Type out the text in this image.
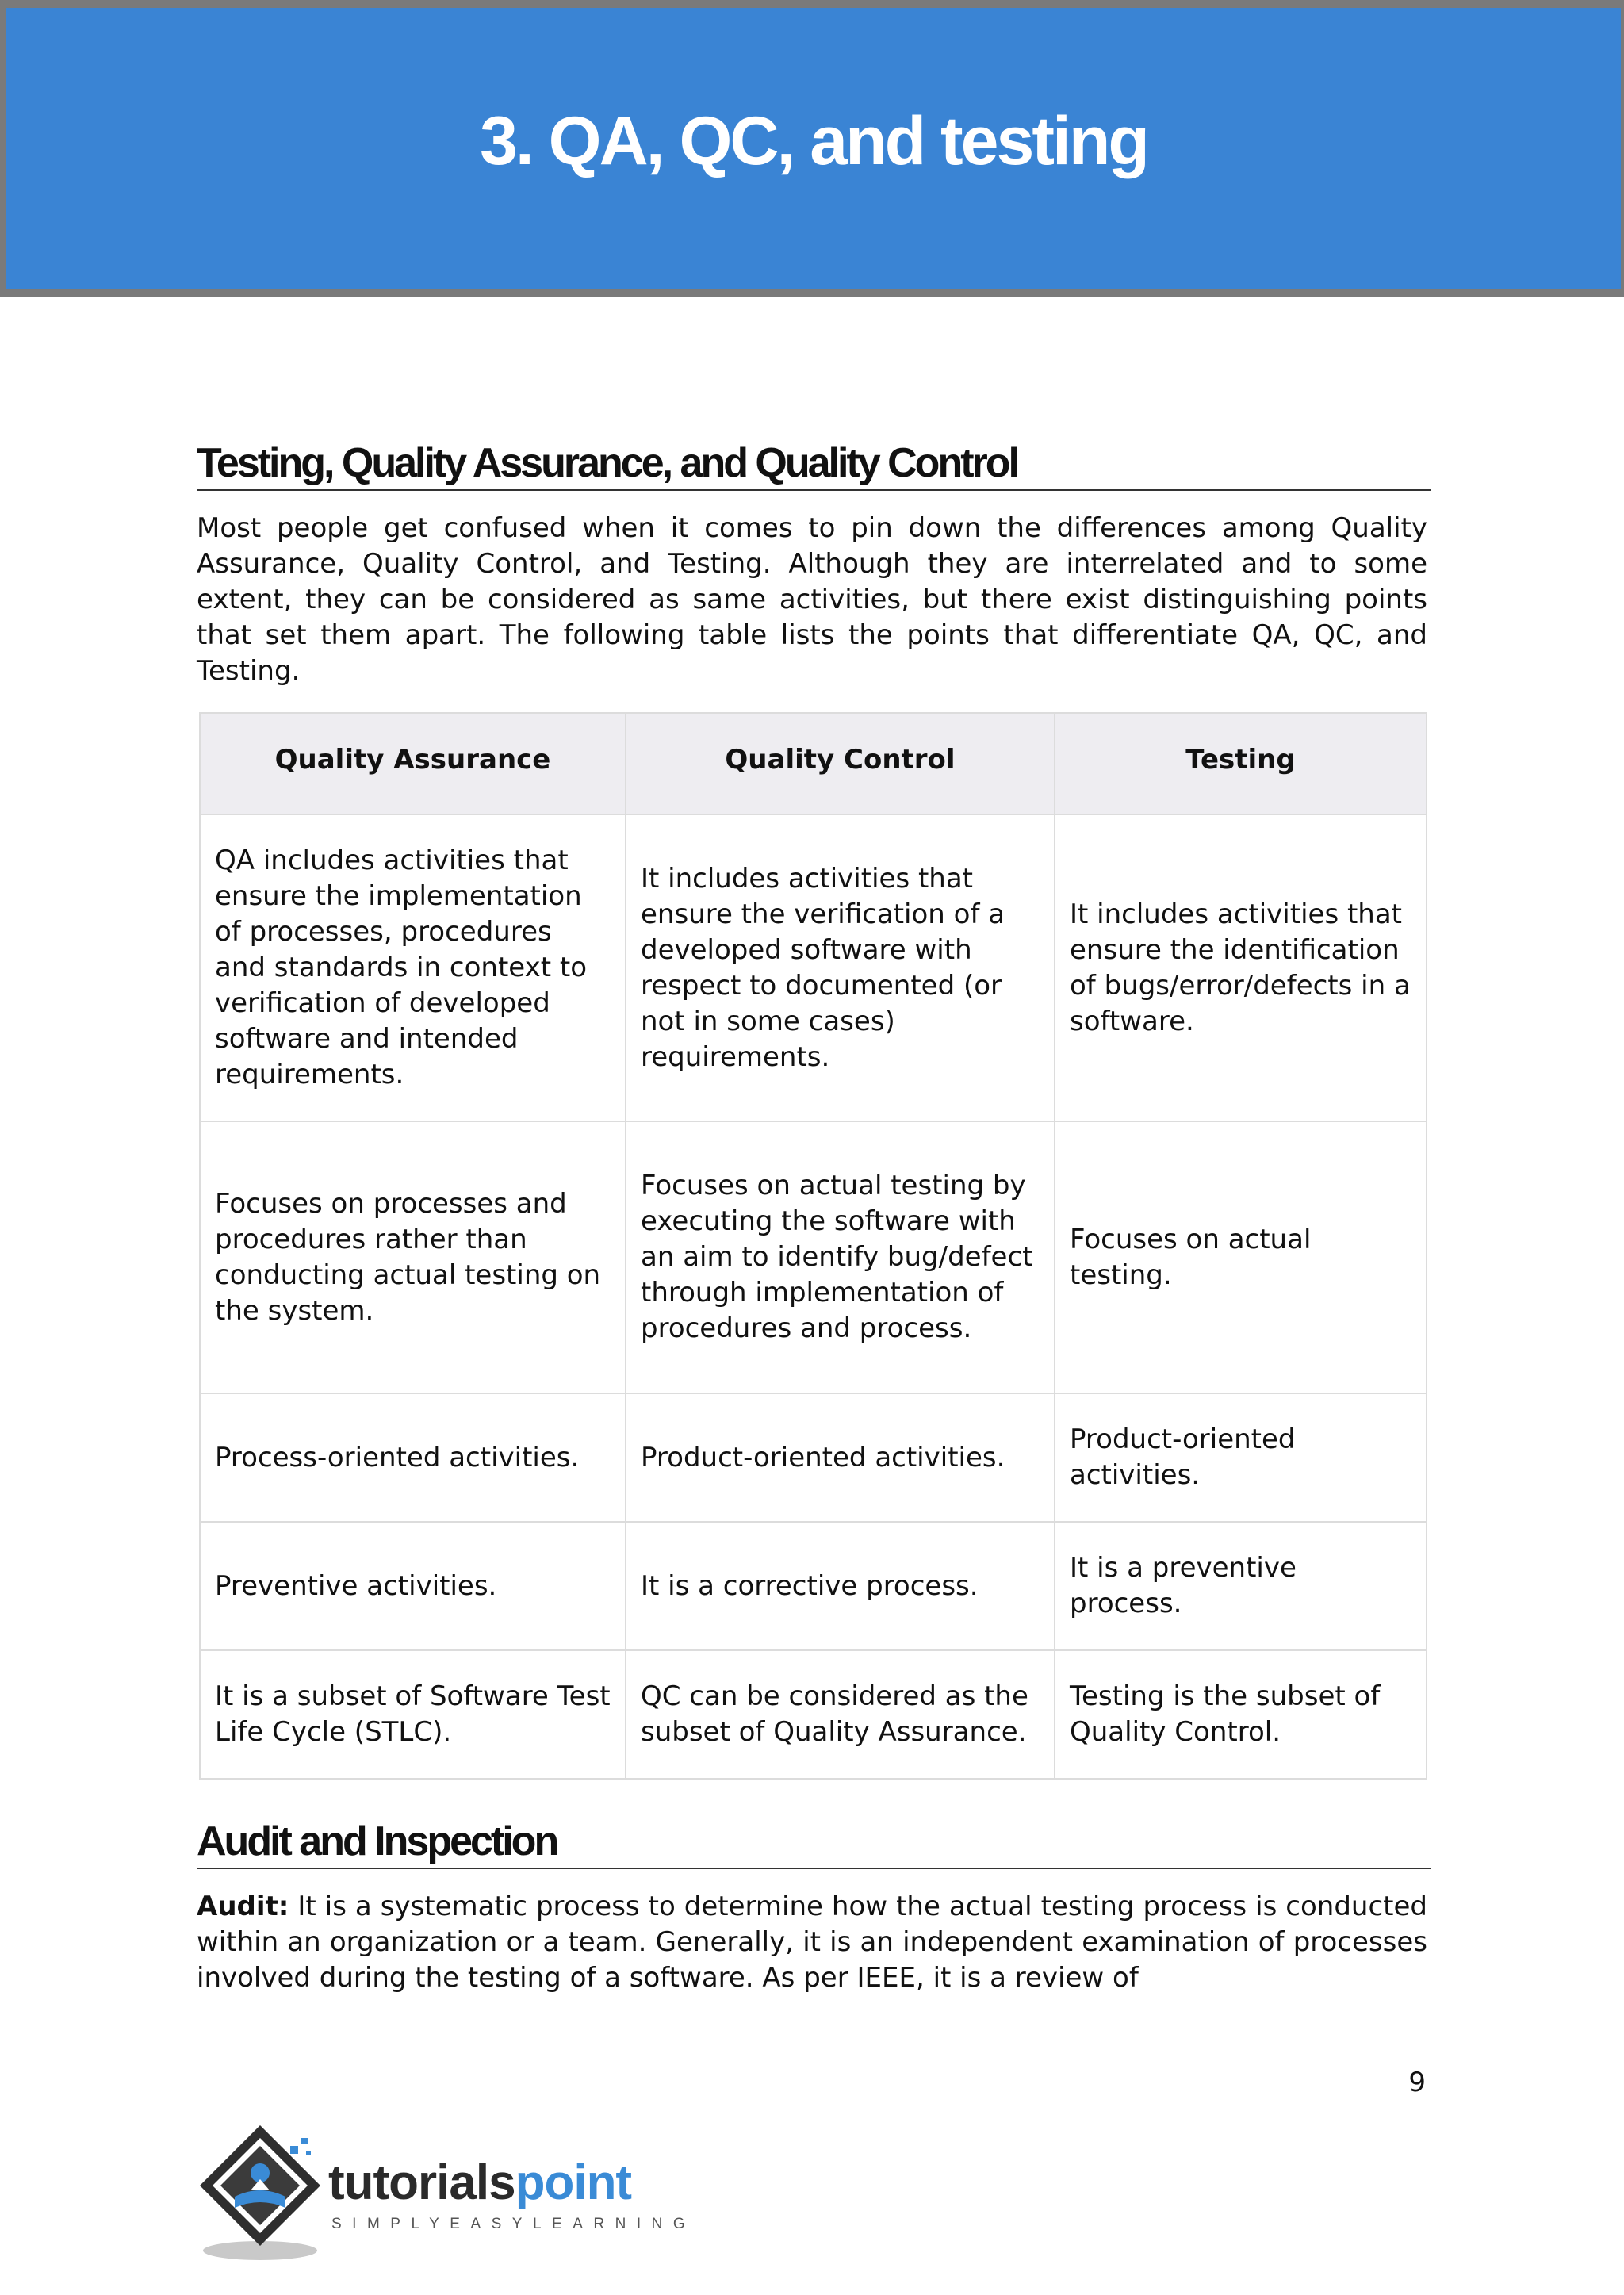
3. QA, QC, and testing
Testing, Quality Assurance, and Quality Control

Most people get confused when it comes to pin down the differences among Quality Assurance, Quality Control, and Testing. Although they are interrelated and to some extent, they can be considered as same activities, but there exist distinguishing points that set them apart. The following table lists the points that differentiate QA, QC, and Testing.

Quality Assurance	Quality Control	Testing
QA includes activities that ensure the implementation of processes, procedures and standards in context to verification of developed software and intended requirements.	It includes activities that ensure the verification of a developed software with respect to documented (or not in some cases) requirements.	It includes activities that ensure the identification of bugs/error/defects in a software.
Focuses on processes and procedures rather than conducting actual testing on the system.	Focuses on actual testing by executing the software with an aim to identify bug/defect through implementation of procedures and process.	Focuses on actual testing.
Process-oriented activities.	Product-oriented activities.	Product-oriented activities.
Preventive activities.	It is a corrective process.	It is a preventive process.
It is a subset of Software Test Life Cycle (STLC).	QC can be considered as the subset of Quality Assurance.	Testing is the subset of Quality Control.
Audit and Inspection

Audit: It is a systematic process to determine how the actual testing process is conducted within an organization or a team. Generally, it is an independent examination of processes involved during the testing of a software. As per IEEE, it is a review of

9
tutorialspoint
SIMPLYEASYLEARNING
